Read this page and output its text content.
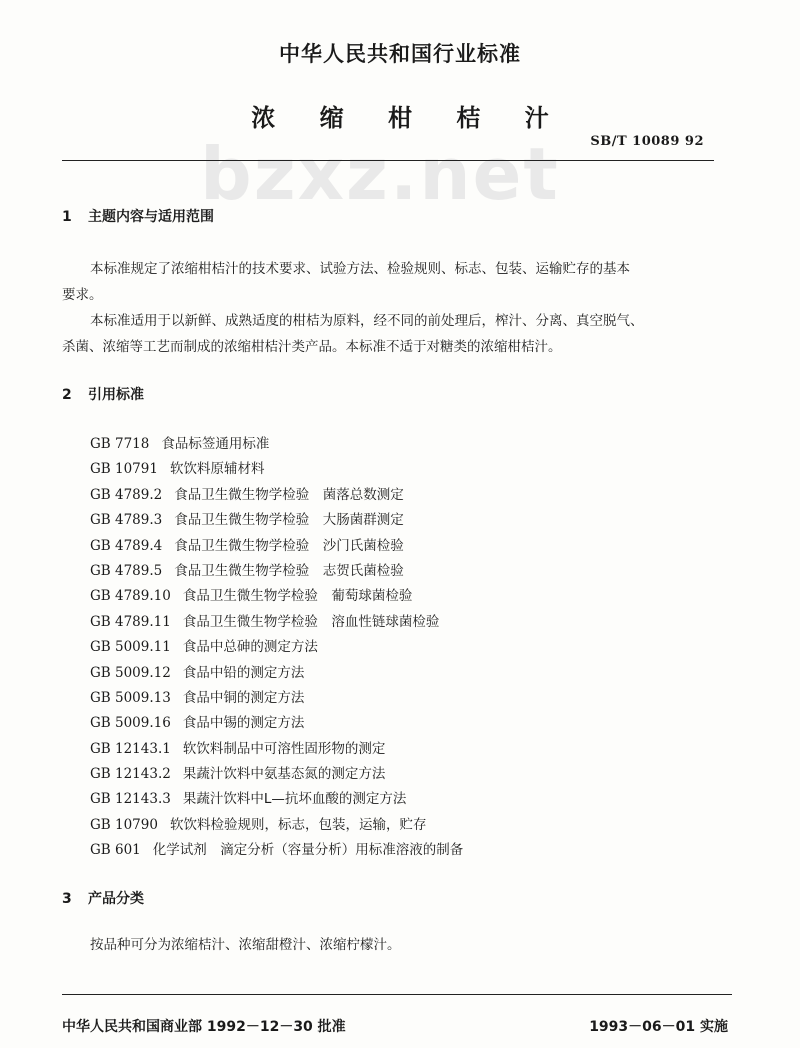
中华人民共和国行业标准
浓 缩 柑 桔 汁
SB/T 10089 92
bzxz.net
1 主题内容与适用范围
本标准规定了浓缩柑桔汁的技术要求、试验方法、检验规则、标志、包装、运输贮存的基本
要求。
本标准适用于以新鲜、成熟适度的柑桔为原料，经不同的前处理后，榨汁、分离、真空脱气、
杀菌、浓缩等工艺而制成的浓缩柑桔汁类产品。本标准不适于对糖类的浓缩柑桔汁。
2 引用标准
GB 7718 食品标签通用标准
GB 10791 软饮料原辅材料
GB 4789.2 食品卫生微生物学检验　菌落总数测定
GB 4789.3 食品卫生微生物学检验　大肠菌群测定
GB 4789.4 食品卫生微生物学检验　沙门氏菌检验
GB 4789.5 食品卫生微生物学检验　志贺氏菌检验
GB 4789.10 食品卫生微生物学检验　葡萄球菌检验
GB 4789.11 食品卫生微生物学检验　溶血性链球菌检验
GB 5009.11 食品中总砷的测定方法
GB 5009.12 食品中铅的测定方法
GB 5009.13 食品中铜的测定方法
GB 5009.16 食品中锡的测定方法
GB 12143.1 软饮料制品中可溶性固形物的测定
GB 12143.2 果蔬汁饮料中氨基态氮的测定方法
GB 12143.3 果蔬汁饮料中L—抗坏血酸的测定方法
GB 10790 软饮料检验规则，标志，包装，运输，贮存
GB 601 化学试剂　滴定分析（容量分析）用标准溶液的制备
3 产品分类
按品种可分为浓缩桔汁、浓缩甜橙汁、浓缩柠檬汁。
中华人民共和国商业部 1992－12－30 批准	1993－06－01 实施
